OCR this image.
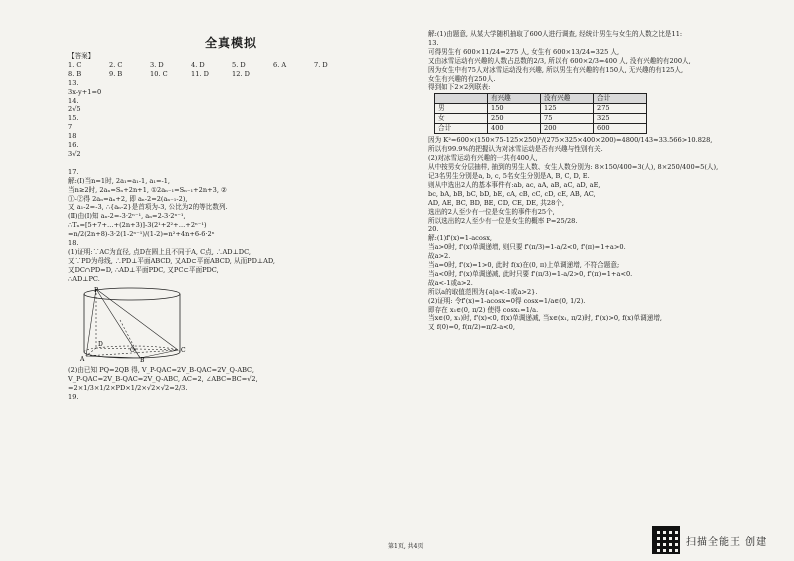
全真模拟
【答案】
1. C	2. C	3. D	4. D	5. D	6. A	7. D
8. B	9. B	10. C	11. D	12. D
13.
3x-y+1=0
14.
2√5
15.
7
18
16.
3√2

17.
解:(Ⅰ)当n=1时, 2a₁=a₁-1, a₁=-1,
当n≥2时, 2aₙ=Sₙ+2n+1, ①2aₙ₋₁=Sₙ₋₁+2n+3, ②
①-②得 2aₙ=aₙ+2, 即 aₙ-2=2(aₙ₋₁-2),
又 a₁-2=-3, ∴{aₙ-2}是首项为-3, 公比为2的等比数列.
(Ⅱ)由(Ⅰ)知 aₙ-2=-3·2ⁿ⁻¹, aₙ=2-3·2ⁿ⁻¹,
∴Tₙ=[5+7+…+(2n+3)]-3(2¹+2²+…+2ⁿ⁻¹)
=n/2(2n+8)-3·2(1-2ⁿ⁻¹)/(1-2)=n²+4n+6-6·2ⁿ
18.
(1)证明:∵AC为直径, 点D在圆上且不同于A, C点, ∴AD⊥DC,
又∵PD为母线, ∴PD⊥平面ABCD, 又AD⊂平面ABCD, 从而PD⊥AD,
又DC∩PD=D, ∴AD⊥平面PDC, 又PC⊂平面PDC,
∴AD⊥PC.
P
D
A
C
O
B
(2)由已知 PQ=2QB 得, V_P-QAC=2V_B-QAC=2V_Q-ABC,
V_P-QAC=2V_B-QAC=2V_Q-ABC, AC=2, ∠ABC=BC=√2,
=2×1/3×1/2×PD×1/2×√2×√2=2/3.
19.
解:(1)由题意, 从某大学随机抽取了600人进行调查, 经统计男生与女生的人数之比是11:
13.
可得男生有 600×11/24=275 人, 女生有 600×13/24=325 人,
又由冰雪运动有兴趣的人数占总数的2/3, 所以有 600×2/3=400 人, 没有兴趣的有200人,
因为女生中有75人对冰雪运动没有兴趣, 所以男生有兴趣的有150人, 无兴趣的有125人,
女生有兴趣的有250人.
得到如下2×2列联表:
	有兴趣	没有兴趣	合计
男	150	125	275
女	250	75	325
合计	400	200	600
因为 K²=600×(150×75-125×250)²/(275×325×400×200)=4800/143≈33.566>10.828,
所以有99.9%的把握认为对冰雪运动是否有兴趣与性别有关.
(2)对冰雪运动有兴趣的一共有400人,
从中按男女分层抽样, 抽到的男生人数、女生人数分别为: 8×150/400=3(人), 8×250/400=5(人),
记3名男生分别是a, b, c, 5名女生分别是A, B, C, D, E.
则从中选出2人的基本事件有:ab, ac, aA, aB, aC, aD, aE,
bc, bA, bB, bC, bD, bE, cA, cB, cC, cD, cE, AB, AC,
AD, AE, BC, BD, BE, CD, CE, DE, 共28个,
选出的2人至少有一位是女生的事件有25个,
所以选出的2人至少有一位是女生的概率 P=25/28.
20.
解:(1)f'(x)=1-acosx,
当a>0时, f'(x)单调递增, 则只要 f'(π/3)=1-a/2<0, f'(π)=1+a>0.
故a>2.
当a=0时, f'(x)=1>0, 此时 f(x)在(0, π)上单调递增, 不符合题意;
当a<0时, f'(x)单调递减, 此时只要 f'(π/3)=1-a/2>0, f'(π)=1+a<0.
故a<-1或a>2.
所以a的取值范围为{a|a<-1或a>2}.
(2)证明: 令f'(x)=1-acosx=0得 cosx=1/a∈(0, 1/2).
即存在 x₁∈(0, π/2) 使得 cosx₁=1/a.
当x∈(0, x₁)时, f'(x)<0, f(x)单调递减, 当x∈(x₁, π/2)时, f'(x)>0, f(x)单调递增,
又 f(0)=0, f(π/2)=π/2-a<0,
第1页, 共4页	扫描全能王 创建
